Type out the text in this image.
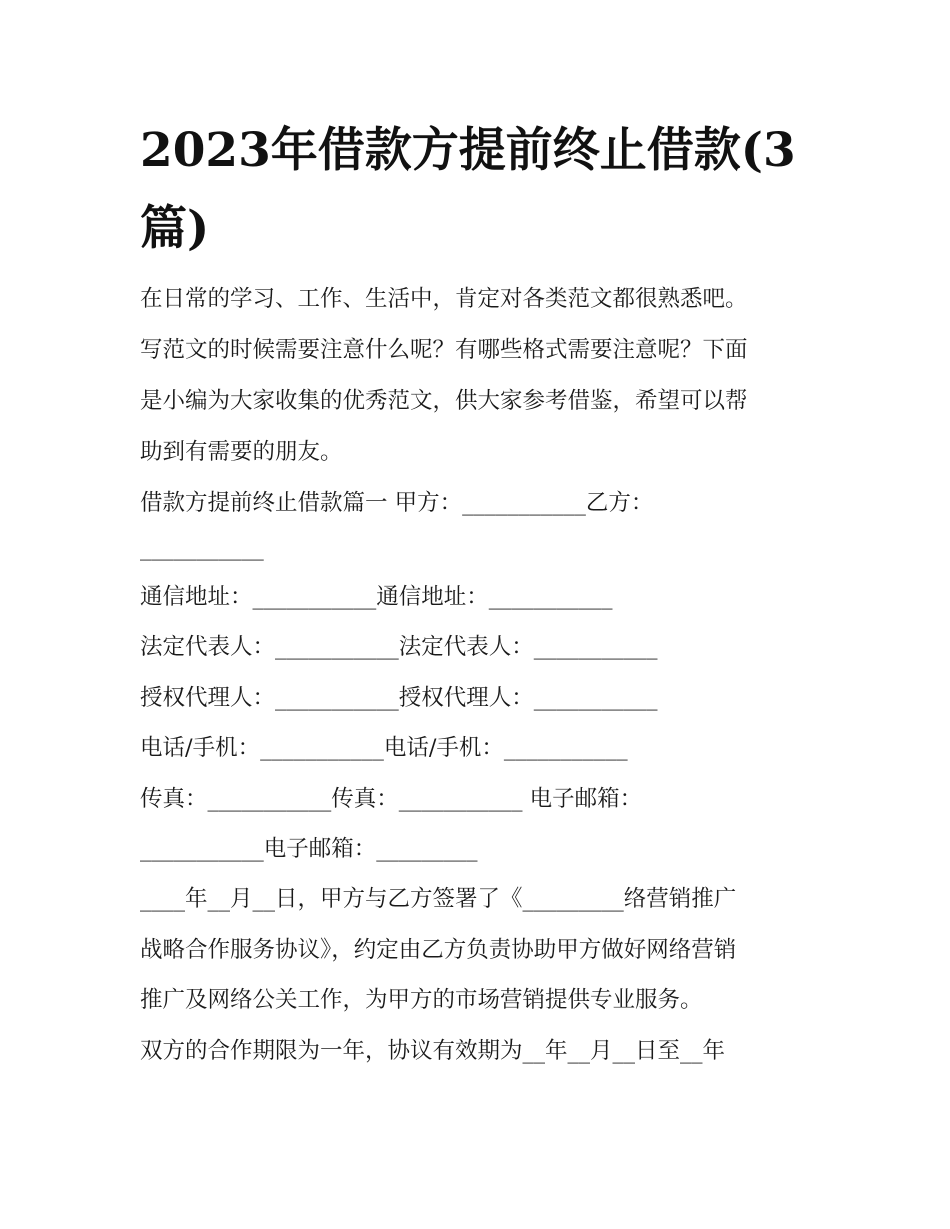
2023年借款方提前终止借款(3篇)

在日常的学习、工作、生活中，肯定对各类范文都很熟悉吧。

写范文的时候需要注意什么呢？有哪些格式需要注意呢？下面

是小编为大家收集的优秀范文，供大家参考借鉴，希望可以帮

助到有需要的朋友。

借款方提前终止借款篇一 甲方：___________乙方：

___________

通信地址：___________通信地址：___________

法定代表人：___________法定代表人：___________

授权代理人：___________授权代理人：___________

电话/手机：___________电话/手机：___________

传真：___________传真：___________ 电子邮箱：

___________电子邮箱：_________

____年__月__日，甲方与乙方签署了《_________络营销推广

战略合作服务协议》，约定由乙方负责协助甲方做好网络营销

推广及网络公关工作，为甲方的市场营销提供专业服务。

双方的合作期限为一年，协议有效期为__年__月__日至__年
